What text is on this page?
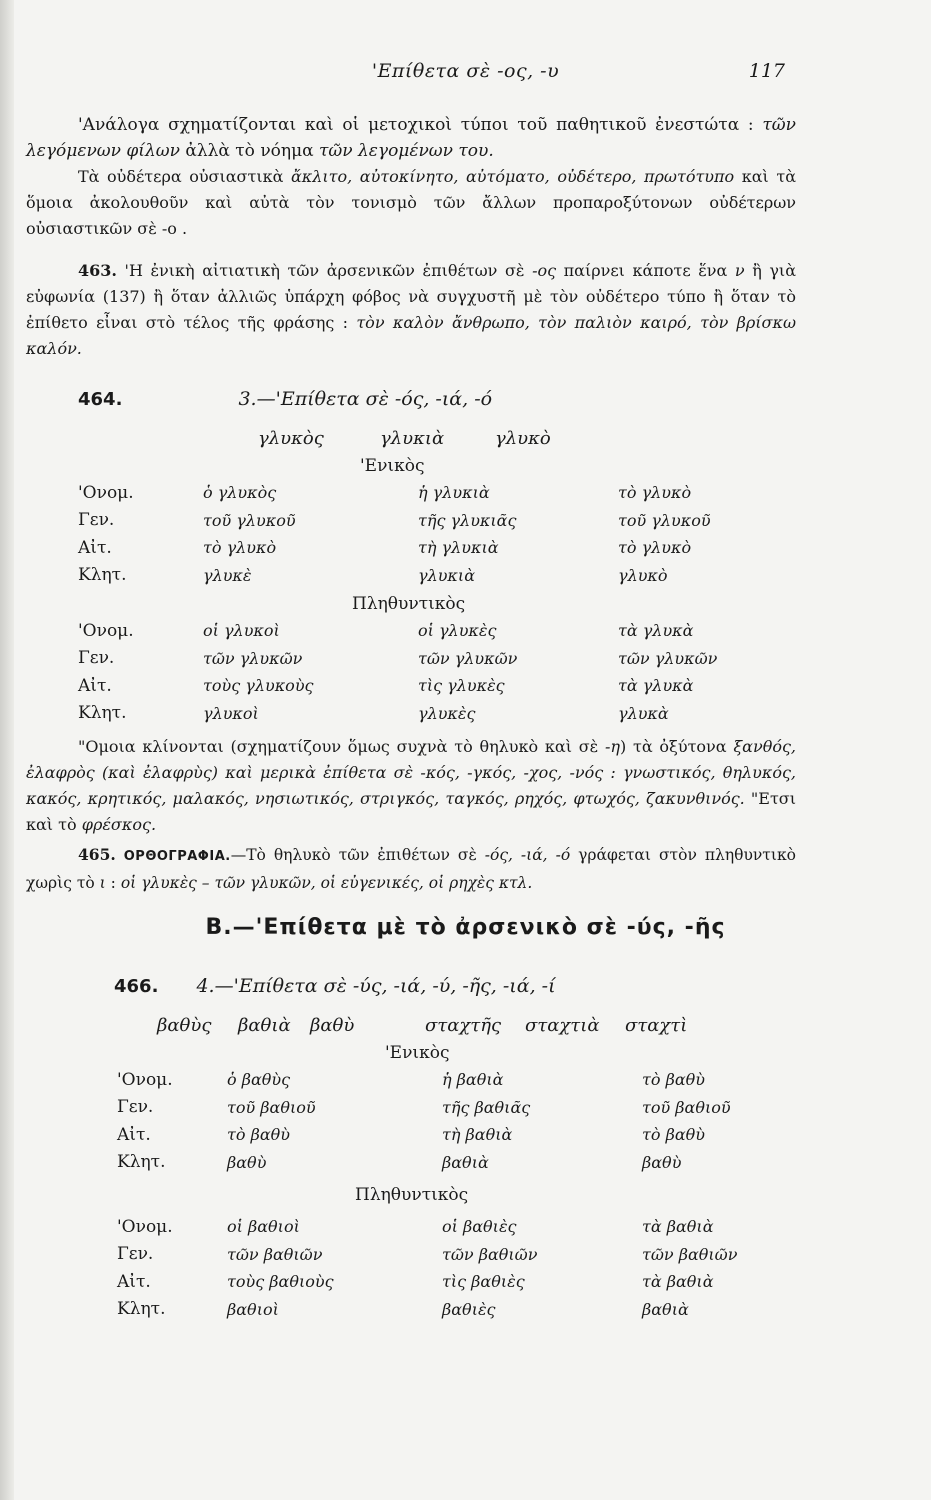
'Επίθετα σὲ -ος, -υ	117

'Ανάλογα σχηματίζονται καὶ οἱ μετοχικοὶ τύποι τοῦ παθητικοῦ ἐνεστώτα : τῶν λεγόμενων φίλων ἀλλὰ τὸ νόημα τῶν λεγομένων του.

Τὰ οὐδέτερα οὐσιαστικὰ ἄκλιτο, αὐτοκίνητο, αὐτόματο, οὐδέτερο, πρωτότυπο καὶ τὰ ὅμοια ἀκολουθοῦν καὶ αὐτὰ τὸν τονισμὸ τῶν ἄλλων προπαροξύτονων οὐδέτερων οὐσιαστικῶν σὲ -ο .

463. 'Η ἐνικὴ αἰτιατικὴ τῶν ἀρσενικῶν ἐπιθέτων σὲ -ος παίρνει κάποτε ἕνα ν ἢ γιὰ εὐφωνία (137) ἢ ὅταν ἀλλιῶς ὑπάρχη φόβος νὰ συγχυστῆ μὲ τὸν οὐδέτερο τύπο ἢ ὅταν τὸ ἐπίθετο εἶναι στὸ τέλος τῆς φράσης : τὸν καλὸν ἄνθρωπο, τὸν παλιὸν καιρό, τὸν βρίσκω καλόν.

464.	3.—'Επίθετα σὲ -ός, -ιά, -ό
γλυκὸς	γλυκιὰ	γλυκὸ
'Ενικὸς
'Ονομ.	ὁ γλυκὸς	ἡ γλυκιὰ	τὸ γλυκὸ
Γεν.	τοῦ γλυκοῦ	τῆς γλυκιᾶς	τοῦ γλυκοῦ
Αἰτ.	τὸ γλυκὸ	τὴ γλυκιὰ	τὸ γλυκὸ
Κλητ.	γλυκὲ	γλυκιὰ	γλυκὸ
Πληθυντικὸς
'Ονομ.	οἱ γλυκοὶ	οἱ γλυκὲς	τὰ γλυκὰ
Γεν.	τῶν γλυκῶν	τῶν γλυκῶν	τῶν γλυκῶν
Αἰτ.	τοὺς γλυκοὺς	τὶς γλυκὲς	τὰ γλυκὰ
Κλητ.	γλυκοὶ	γλυκὲς	γλυκὰ

"Ομοια κλίνονται (σχηματίζουν ὅμως συχνὰ τὸ θηλυκὸ καὶ σὲ -η) τὰ ὀξύτονα ξανθός, ἐλαφρὸς (καὶ ἐλαφρὺς) καὶ μερικὰ ἐπίθετα σὲ -κός, -γκός, -χος, -νός : γνωστικός, θηλυκός, κακός, κρητικός, μαλακός, νησιωτικός, στριγκός, ταγκός, ρηχός, φτωχός, ζακυνθινός. "Ετσι καὶ τὸ φρέσκος.

465. ΟΡΘΟΓΡΑΦΙΑ.—Τὸ θηλυκὸ τῶν ἐπιθέτων σὲ -ός, -ιά, -ό γράφεται στὸν πληθυντικὸ χωρὶς τὸ ι : οἱ γλυκὲς – τῶν γλυκῶν, οἱ εὐγενικές, οἱ ρηχὲς κτλ.

Β.—'Επίθετα μὲ τὸ ἀρσενικὸ σὲ -ύς, -ῆς
466. 4.—'Επίθετα σὲ -ύς, -ιά, -ύ, -ῆς, -ιά, -ί
βαθὺς βαθιὰ βαθὺ	σταχτῆς σταχτιὰ σταχτὶ
'Ενικὸς
'Ονομ.	ὁ βαθὺς	ἡ βαθιὰ	τὸ βαθὺ
Γεν.	τοῦ βαθιοῦ	τῆς βαθιᾶς	τοῦ βαθιοῦ
Αἰτ.	τὸ βαθὺ	τὴ βαθιὰ	τὸ βαθὺ
Κλητ.	βαθὺ	βαθιὰ	βαθὺ
Πληθυντικὸς
'Ονομ.	οἱ βαθιοὶ	οἱ βαθιὲς	τὰ βαθιὰ
Γεν.	τῶν βαθιῶν	τῶν βαθιῶν	τῶν βαθιῶν
Αἰτ.	τοὺς βαθιοὺς	τὶς βαθιὲς	τὰ βαθιὰ
Κλητ.	βαθιοὶ	βαθιὲς	βαθιὰ
